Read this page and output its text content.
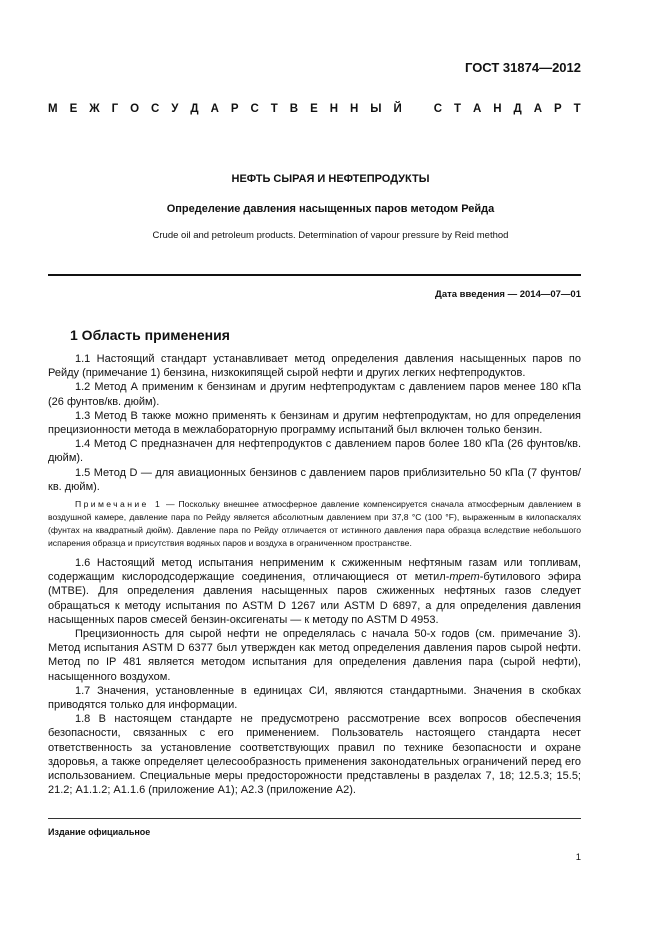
ГОСТ 31874—2012
М Е Ж Г О С У Д А Р С Т В Е Н Н Ы Й	С Т А Н Д А Р Т
НЕФТЬ СЫРАЯ И НЕФТЕПРОДУКТЫ
Определение давления насыщенных паров методом Рейда
Crude oil and petroleum products. Determination of vapour pressure by Reid method
Дата введения — 2014—07—01
1 Область применения

1.1 Настоящий стандарт устанавливает метод определения давления насыщенных паров по Рейду (примечание 1) бензина, низкокипящей сырой нефти и других легких нефтепродуктов.

1.2 Метод А применим к бензинам и другим нефтепродуктам с давлением паров менее 180 кПа (26 фунтов/кв. дюйм).

1.3 Метод В также можно применять к бензинам и другим нефтепродуктам, но для определения прецизионности метода в межлабораторную программу испытаний был включен только бензин.

1.4 Метод С предназначен для нефтепродуктов с давлением паров более 180 кПа (26 фунтов/кв. дюйм).

1.5 Метод D — для авиационных бензинов с давлением паров приблизительно 50 кПа (7 фунтов/кв. дюйм).

Примечание 1 — Поскольку внешнее атмосферное давление компенсируется сначала атмосферным давлением в воздушной камере, давление пара по Рейду является абсолютным давлением при 37,8 °C (100 °F), выраженным в килопаскалях (фунтах на квадратный дюйм). Давление пара по Рейду отличается от истинного давления пара образца вследствие небольшого испарения образца и присутствия водяных паров и воздуха в ограниченном пространстве.

1.6 Настоящий метод испытания неприменим к сжиженным нефтяным газам или топливам, содержащим кислородсодержащие соединения, отличающиеся от метил-трет-бутилового эфира (МТВЕ). Для определения давления насыщенных паров сжиженных нефтяных газов следует обращаться к методу испытания по ASTM D 1267 или ASTM D 6897, а для определения давления насыщенных паров смесей бензин-оксигенаты — к методу по ASTM D 4953.

Прецизионность для сырой нефти не определялась с начала 50-х годов (см. примечание 3). Метод испытания ASTM D 6377 был утвержден как метод определения давления паров сырой нефти. Метод по IP 481 является методом испытания для определения давления пара (сырой нефти), насыщенного воздухом.

1.7 Значения, установленные в единицах СИ, являются стандартными. Значения в скобках приводятся только для информации.

1.8 В настоящем стандарте не предусмотрено рассмотрение всех вопросов обеспечения безопасности, связанных с его применением. Пользователь настоящего стандарта несет ответственность за установление соответствующих правил по технике безопасности и охране здоровья, а также определяет целесообразность применения законодательных ограничений перед его использованием. Специальные меры предосторожности представлены в разделах 7, 18; 12.5.3; 15.5; 21.2; А1.1.2; А1.1.6 (приложение А1); А2.3 (приложение А2).

Издание официальное
1
